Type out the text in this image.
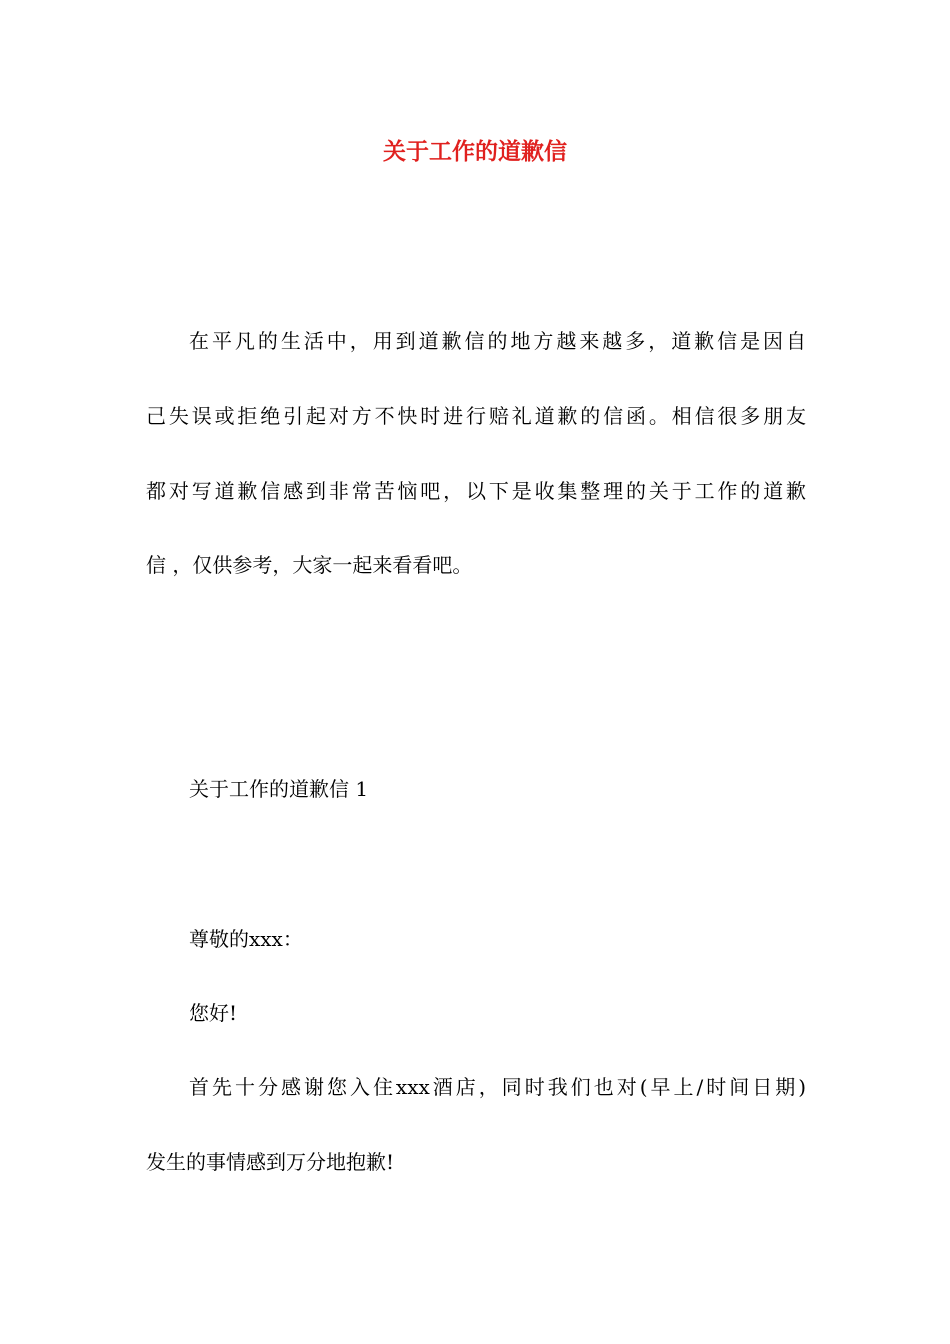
关于工作的道歉信

在平凡的生活中，用到道歉信的地方越来越多，道歉信是因自

己失误或拒绝引起对方不快时进行赔礼道歉的信函。相信很多朋友

都对写道歉信感到非常苦恼吧，以下是收集整理的关于工作的道歉

信 ，仅供参考，大家一起来看看吧。

关于工作的道歉信 1

尊敬的xxx：

您好!

首先十分感谢您入住xxx酒店，同时我们也对(早上/时间日期)

发生的事情感到万分地抱歉!
